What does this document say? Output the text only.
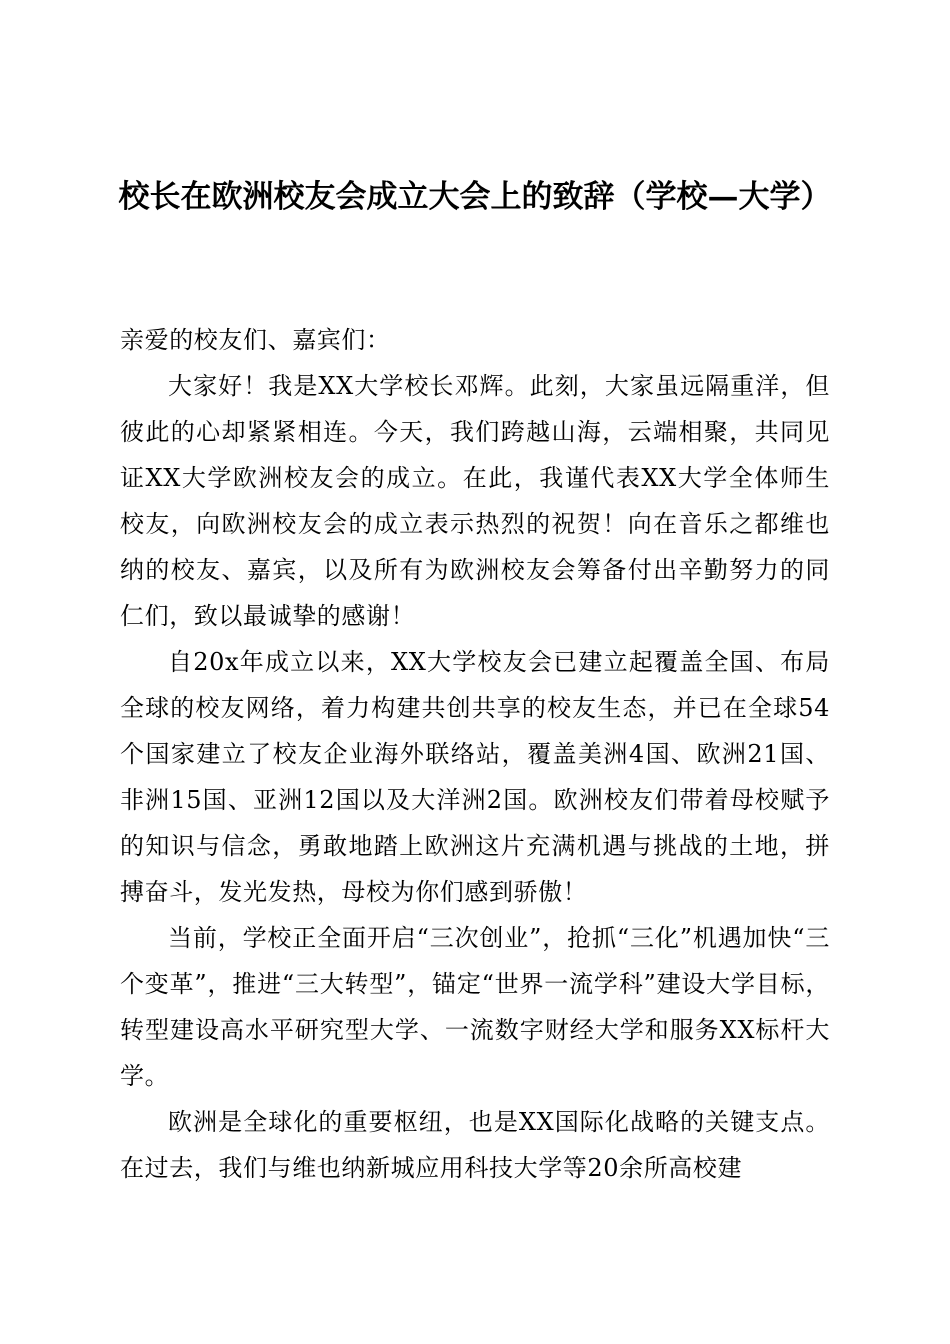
校长在欧洲校友会成立大会上的致辞（学校—大学）

亲爱的校友们、嘉宾们：

大家好！我是XX大学校长邓辉。此刻，大家虽远隔重洋，但彼此的心却紧紧相连。今天，我们跨越山海，云端相聚，共同见证XX大学欧洲校友会的成立。在此，我谨代表XX大学全体师生校友，向欧洲校友会的成立表示热烈的祝贺！向在音乐之都维也纳的校友、嘉宾，以及所有为欧洲校友会筹备付出辛勤努力的同仁们，致以最诚挚的感谢！

自20x年成立以来，XX大学校友会已建立起覆盖全国、布局全球的校友网络，着力构建共创共享的校友生态，并已在全球54个国家建立了校友企业海外联络站，覆盖美洲4国、欧洲21国、非洲15国、亚洲12国以及大洋洲2国。欧洲校友们带着母校赋予的知识与信念，勇敢地踏上欧洲这片充满机遇与挑战的土地，拼搏奋斗，发光发热，母校为你们感到骄傲！

当前，学校正全面开启“三次创业”，抢抓“三化”机遇加快“三个变革”，推进“三大转型”，锚定“世界一流学科”建设大学目标，转型建设高水平研究型大学、一流数字财经大学和服务XX标杆大学。

欧洲是全球化的重要枢纽，也是XX国际化战略的关键支点。在过去，我们与维也纳新城应用科技大学等20余所高校建
